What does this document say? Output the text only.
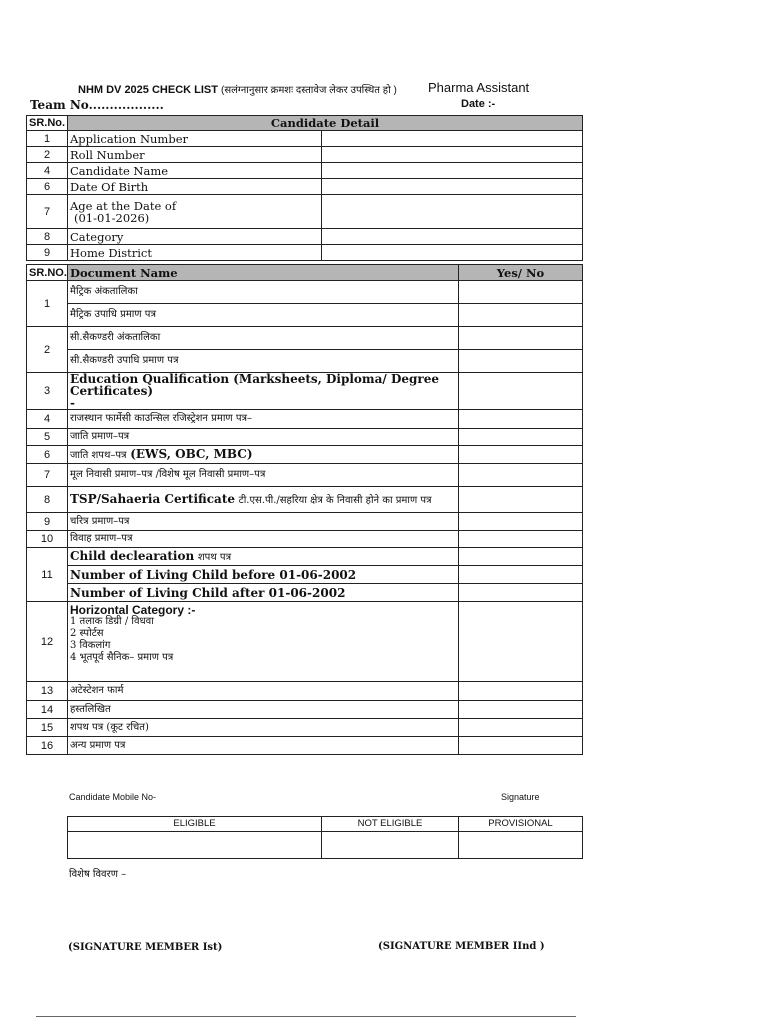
NHM DV 2025 CHECK LIST (सलंग्नानुसार क्रमशः दस्तावेज लेकर उपस्थित हो ) Pharma Assistant
Team No..................	Date :-
SR.No.	Candidate Detail	
1	Application Number	
2	Roll Number	
4	Candidate Name	
6	Date Of Birth	
7	Age at the Date of
(01-01-2026)	

8	Category	
9	Home District	
SR.NO.	Document Name	Yes/ No
1	मैट्रिक अंकतालिका	
	मैट्रिक उपाधि प्रमाण पत्र	
2	सी.सैकण्डरी अंकतालिका	
	सी.सैकण्डरी उपाधि प्रमाण पत्र	
3	Education Qualification (Marksheets, Diploma/ Degree Certificates)
-	

4	राजस्थान फार्मेसी काउन्सिल रजिस्ट्रेशन प्रमाण पत्र–	
5	जाति प्रमाण–पत्र	
6	जाति शपथ–पत्र (EWS, OBC, MBC)	
7	मूल निवासी प्रमाण–पत्र /विशेष मूल निवासी प्रमाण–पत्र	
8	TSP/Sahaeria Certificate टी.एस.पी./सहरिया क्षेत्र के निवासी होने का प्रमाण पत्र	
9	चरित्र प्रमाण–पत्र	
10	विवाह प्रमाण–पत्र	
11	Child declearation शपथ पत्र	
	Number of Living Child before 01-06-2002	
	Number of Living Child after 01-06-2002	
12	Horizontal Category :-
1 तलाक डिग्री / विधवा
2 स्पोर्टस
3 विकलांग
4 भूतपूर्व सैनिक– प्रमाण पत्र	

13	अटेस्टेशन फार्म	
14	हस्तलिखित	
15	शपथ पत्र (कूट रचित)	
16	अन्य प्रमाण पत्र	
Candidate Mobile No-	Signature
ELIGIBLE	NOT ELIGIBLE	PROVISIONAL

विशेष विवरण –
(SIGNATURE MEMBER Ist)	(SIGNATURE MEMBER IInd )
